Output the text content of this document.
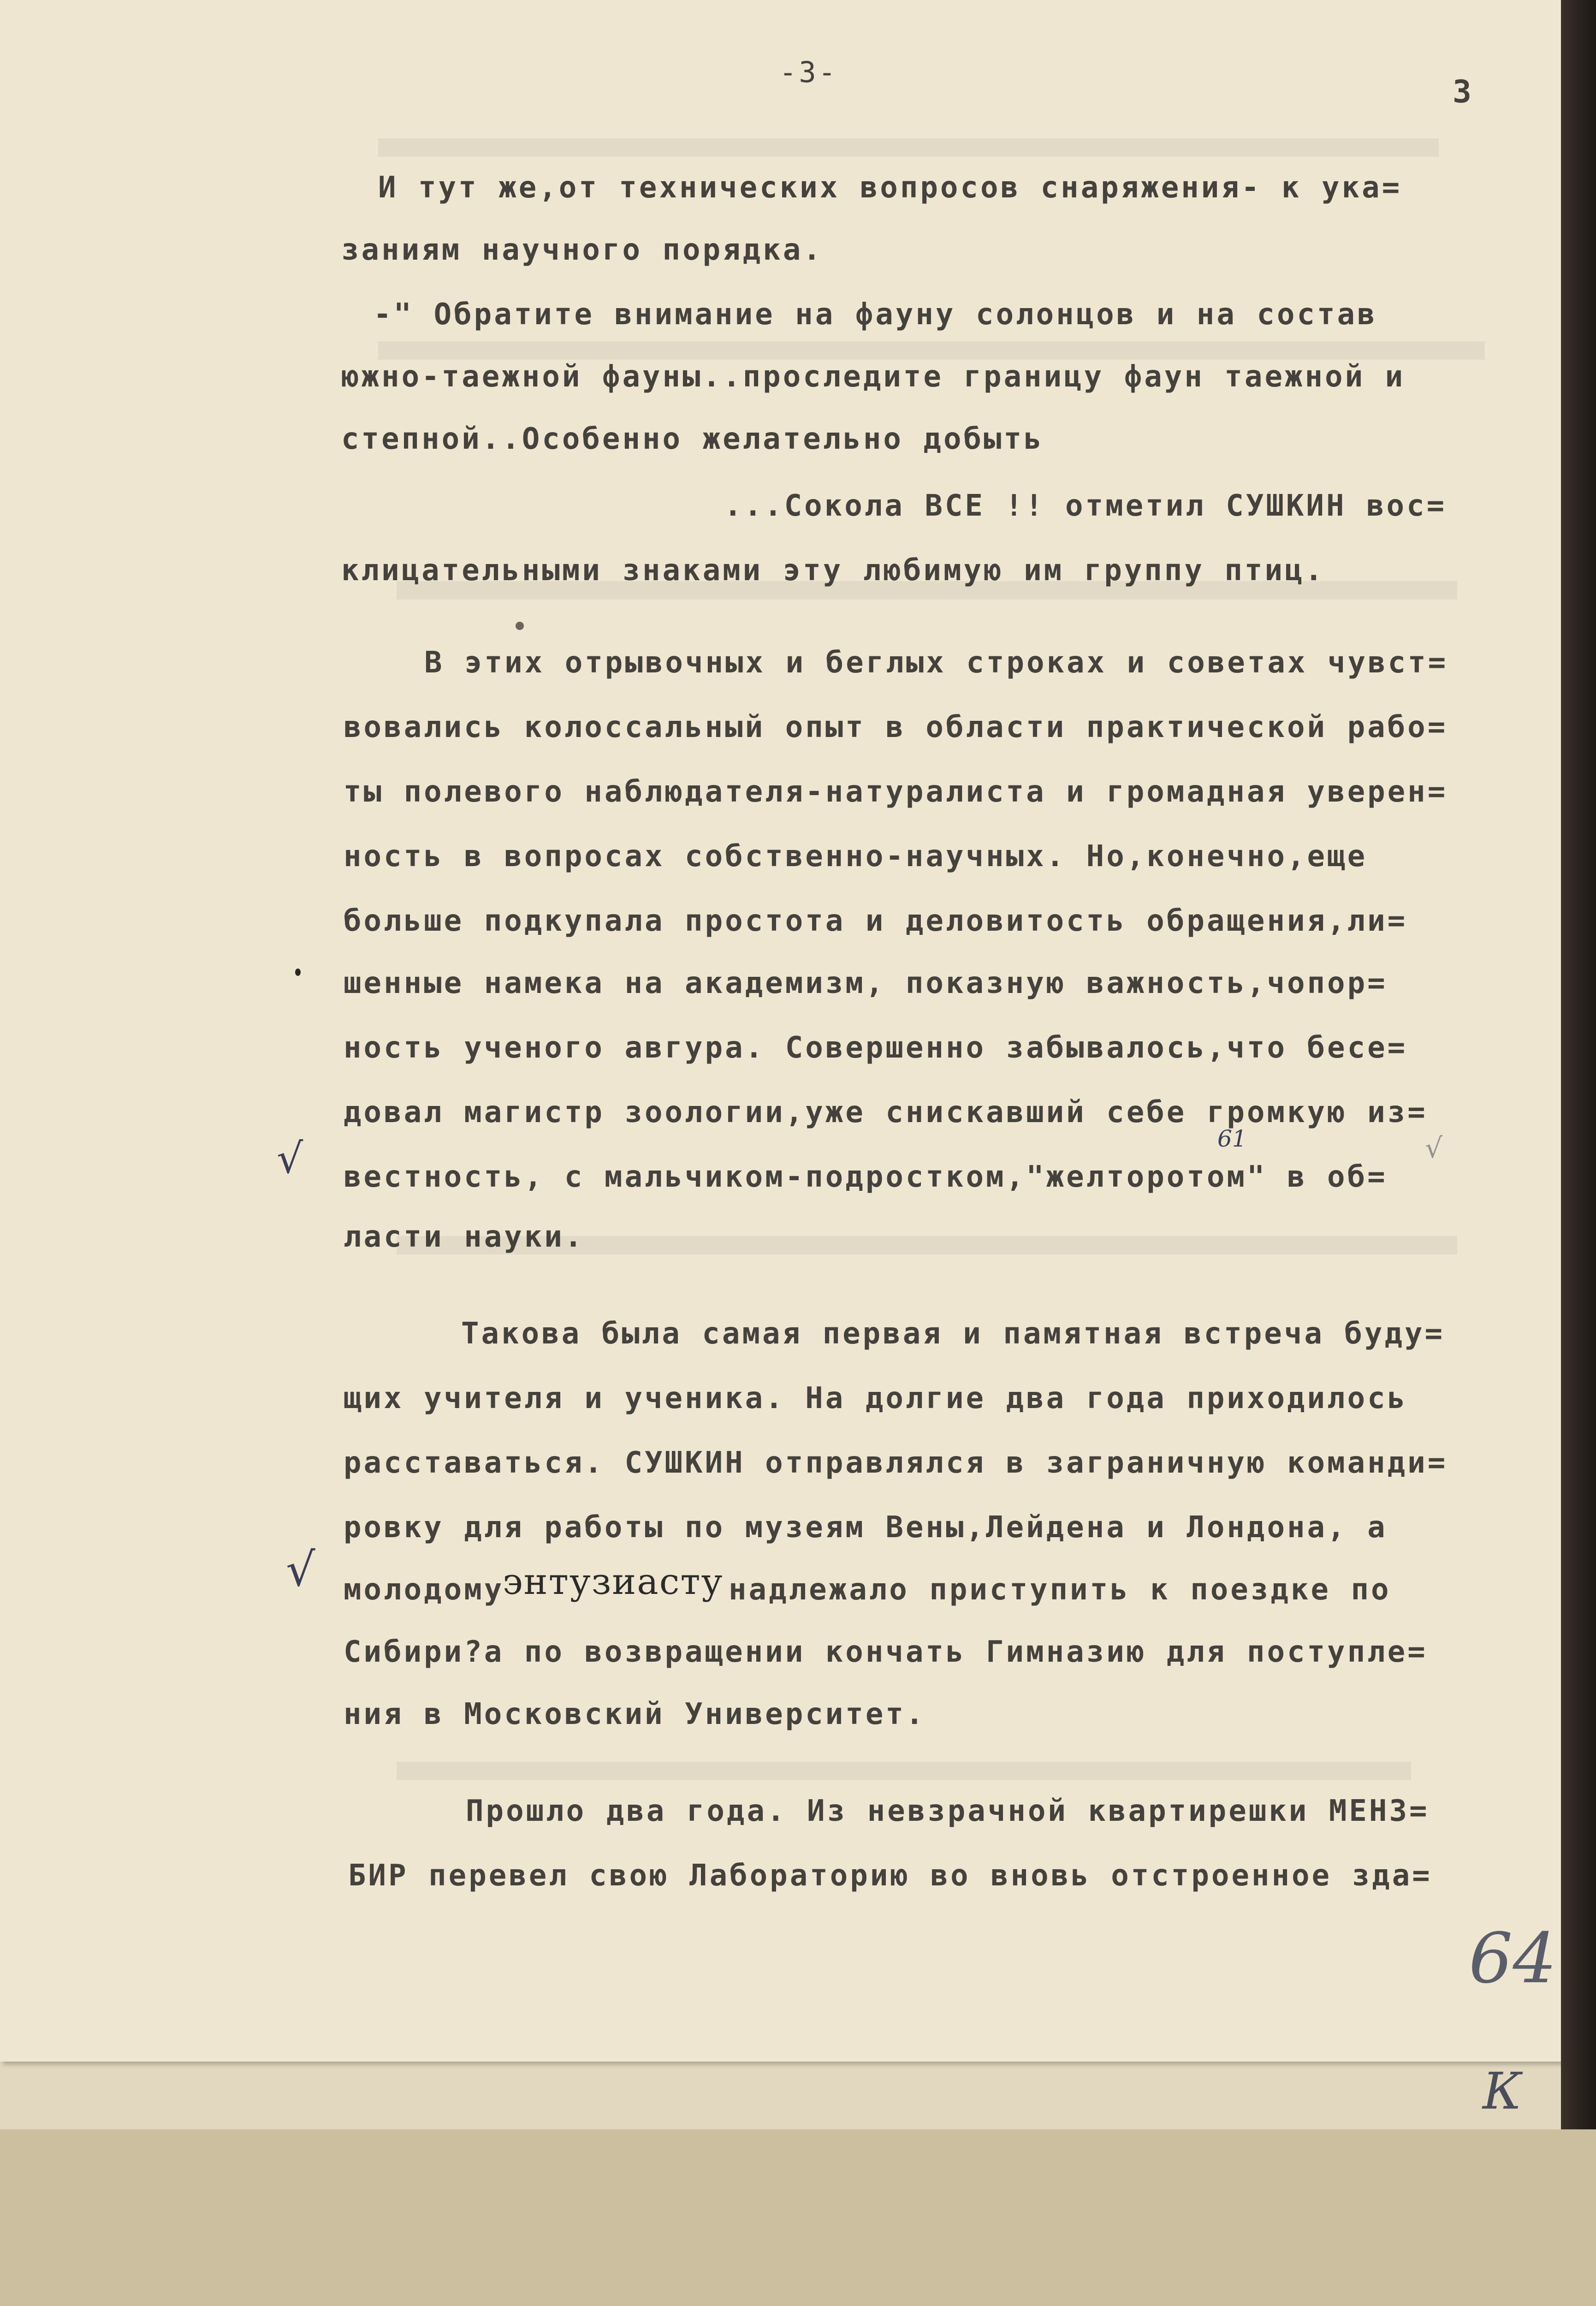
-3-
3
И тут же,от технических вопросов снаряжения- к ука=
заниям научного порядка.
-" Обратите внимание на фауну солонцов и на состав
южно-таежной фауны..проследите границу фаун таежной и
степной..Особенно желательно добыть
...Сокола ВСЕ !! отметил СУШКИН вос=
клицательными знаками эту любимую им группу птиц.
В этих отрывочных и беглых строках и советах чувст=
вовались колоссальный опыт в области практической рабо=
ты полевого наблюдателя-натуралиста и громадная уверен=
ность в вопросах собственно-научных. Но,конечно,еще
больше подкупала простота и деловитость обращения,ли=
шенные намека на академизм, показную важность,чопор=
ность ученого авгура. Совершенно забывалось,что бесе=
довал магистр зоологии,уже снискавший себе громкую из=
вестность, с мальчиком-подростком,"желторотом" в об=
ласти науки.
Такова была самая первая и памятная встреча буду=
щих учителя и ученика. На долгие два года приходилось
расставаться. СУШКИН отправлялся в заграничную команди=
ровку для работы по музеям Вены,Лейдена и Лондона, а
молодому	надлежало приступить к поездке по
Сибири?а по возвращении кончать Гимназию для поступле=
ния в Московский Университет.
Прошло два года. Из невзрачной квартирешки МЕНЗ=
БИР перевел свою Лабораторию во вновь отстроенное зда=
энтузиасту
61
√
√
√
64
К
